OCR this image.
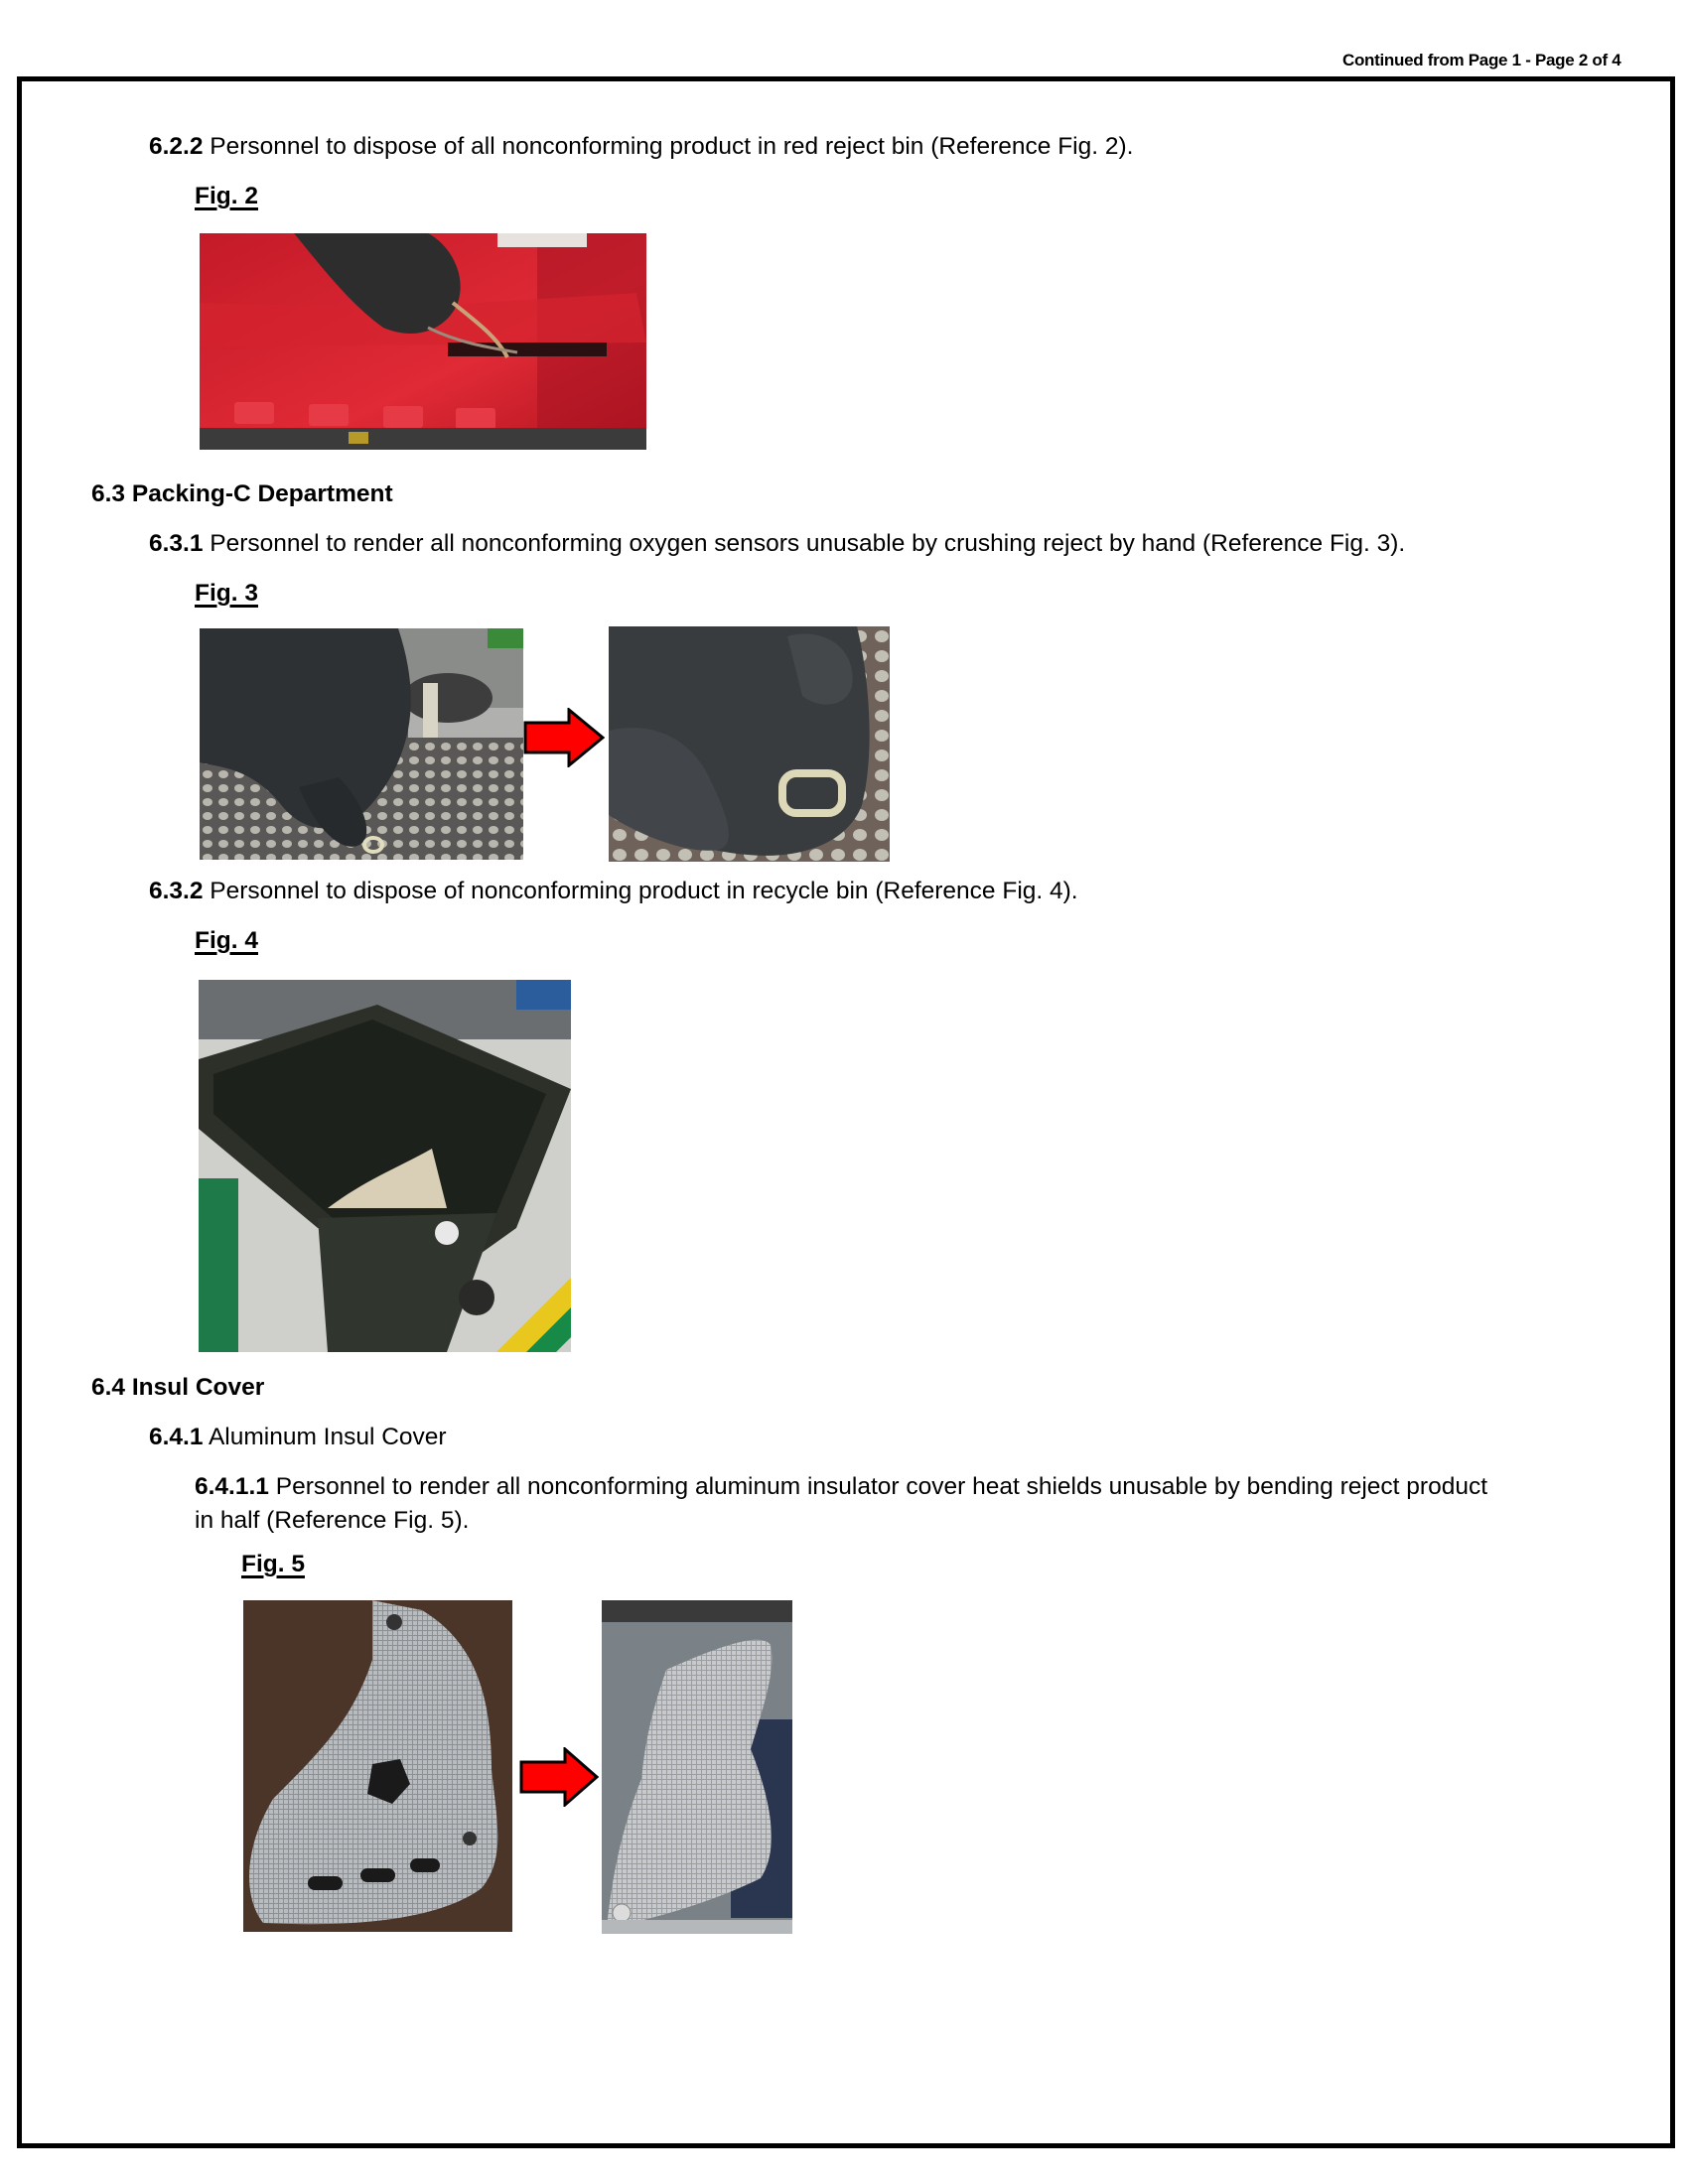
Continued from Page 1 - Page 2 of 4
6.2.2 Personnel to dispose of all nonconforming product in red reject bin (Reference Fig. 2).
Fig. 2
6.3 Packing-C Department
6.3.1 Personnel to render all nonconforming oxygen sensors unusable by crushing reject by hand (Reference Fig. 3).
Fig. 3
6.3.2 Personnel to dispose of nonconforming product in recycle bin (Reference Fig. 4).
Fig. 4
6.4 Insul Cover
6.4.1 Aluminum Insul Cover
6.4.1.1 Personnel to render all nonconforming aluminum insulator cover heat shields unusable by bending reject product
in half (Reference Fig. 5).
Fig. 5
